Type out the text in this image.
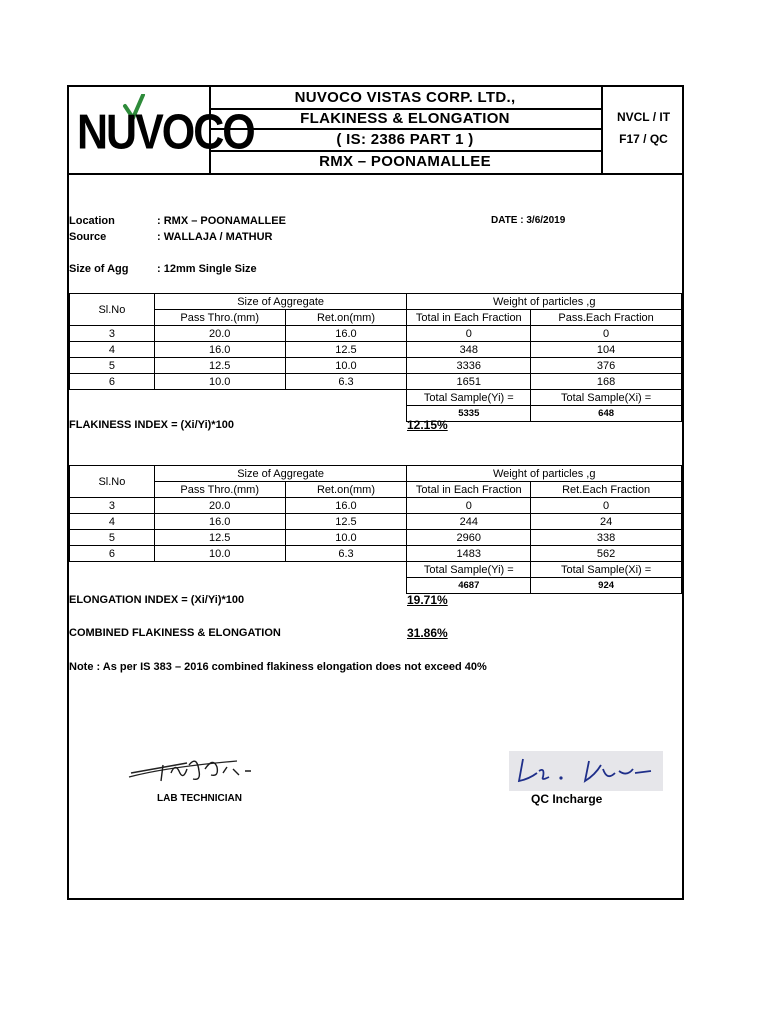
NUVOCO
NUVOCO VISTAS CORP. LTD.,
FLAKINESS & ELONGATION
( IS: 2386 PART 1 )
RMX – POONAMALLEE
NVCL / IT
F17 / QC
Location	: RMX – POONAMALLEE	DATE : 3/6/2019
Source	: WALLAJA / MATHUR
Size of Agg	: 12mm Single Size
Sl.No	Size of Aggregate		Weight of particles ,g	
	Pass Thro.(mm)	Ret.on(mm)	Total in Each Fraction	Pass.Each Fraction
3	20.0	16.0	0	0
4	16.0	12.5	348	104
5	12.5	10.0	3336	376
6	10.0	6.3	1651	168
			Total Sample(Yi) =	Total Sample(Xi) =
			5335	648
FLAKINESS INDEX = (Xi/Yi)*100	12.15%
Sl.No	Size of Aggregate		Weight of particles ,g	
	Pass Thro.(mm)	Ret.on(mm)	Total in Each Fraction	Ret.Each Fraction
3	20.0	16.0	0	0
4	16.0	12.5	244	24
5	12.5	10.0	2960	338
6	10.0	6.3	1483	562
			Total Sample(Yi) =	Total Sample(Xi) =
			4687	924
ELONGATION INDEX = (Xi/Yi)*100	19.71%
COMBINED FLAKINESS & ELONGATION	31.86%
Note : As per IS 383 – 2016 combined flakiness elongation does not exceed 40%
LAB TECHNICIAN	QC Incharge
